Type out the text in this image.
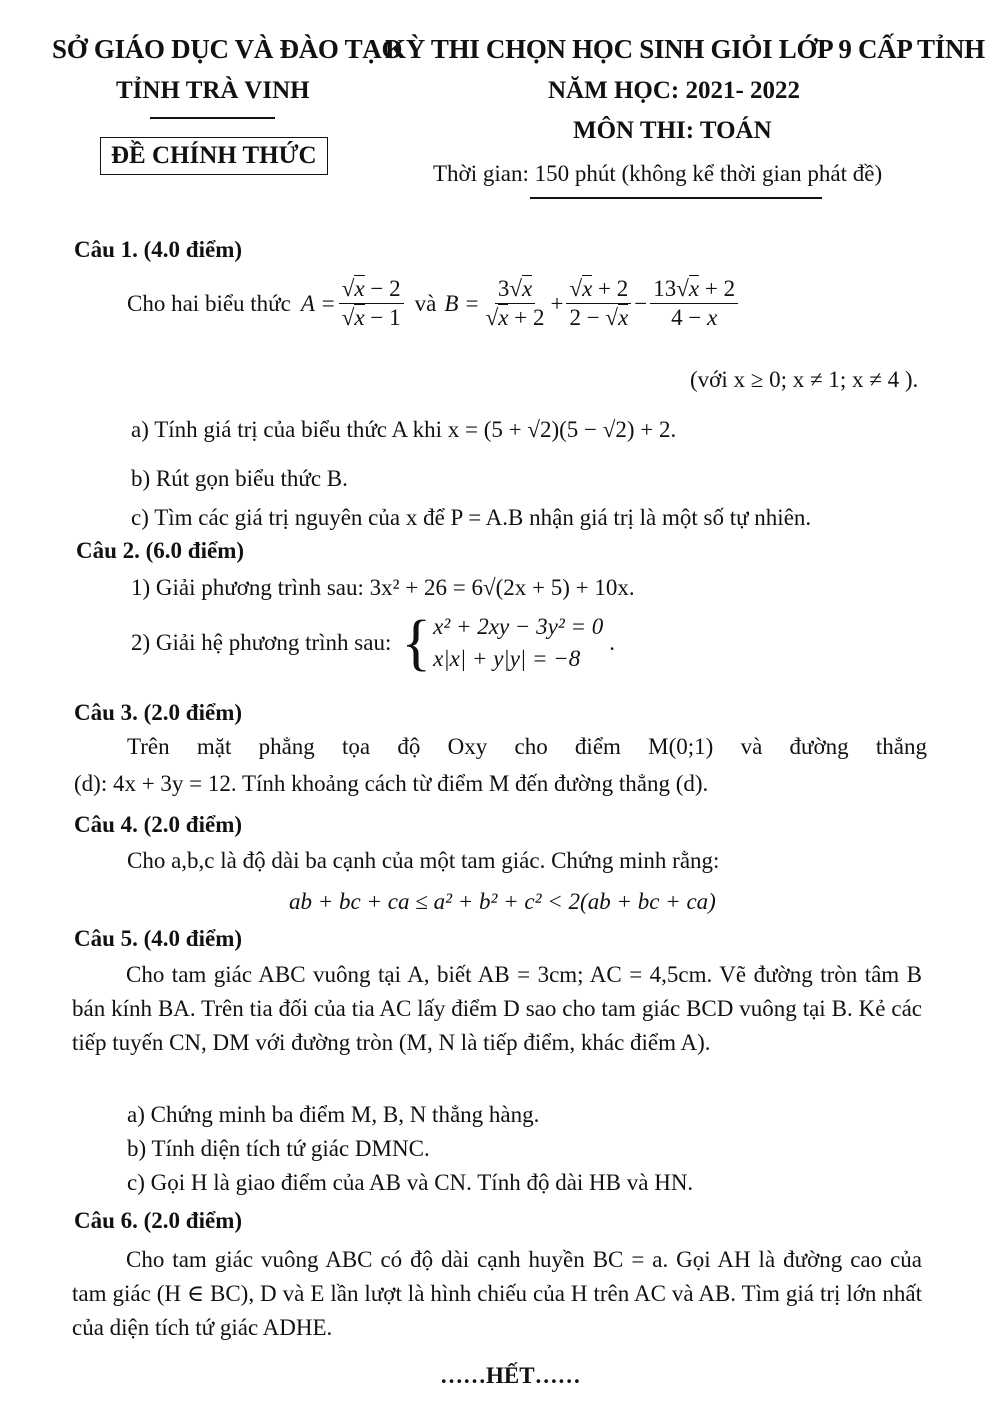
SỞ GIÁO DỤC VÀ ĐÀO TẠO
KỲ THI CHỌN HỌC SINH GIỎI LỚP 9 CẤP TỈNH
TỈNH TRÀ VINH	NĂM HỌC: 2021- 2022
MÔN THI: TOÁN
ĐỀ CHÍNH THỨC
Thời gian: 150 phút (không kể thời gian phát đề)
Câu 1. (4.0 điểm)
Cho hai biểu thức $A = \frac{√x - 2}{√x - 1}$ và $B = \frac{3√x}{√x + 2} + \frac{√x + 2}{2 - √x} - \frac{13√x + 2}{4 - x}$
(với x ≥ 0; x ≠ 1; x ≠ 4 ).
a) Tính giá trị của biểu thức A khi x = (5 + √2)(5 − √2) + 2.
b) Rút gọn biểu thức B.
c) Tìm các giá trị nguyên của x để P = A.B nhận giá trị là một số tự nhiên.
Câu 2. (6.0 điểm)
1) Giải phương trình sau: 3x² + 26 = 6√(2x + 5) + 10x.
2) Giải hệ phương trình sau: { x² + 2xy − 3y² = 0
x|x| + y|y| = −8
.
Câu 3. (2.0 điểm)
Trên mặt phẳng tọa độ Oxy cho điểm M(0;1) và đường thẳng
(d): 4x + 3y = 12. Tính khoảng cách từ điểm M đến đường thẳng (d).
Câu 4. (2.0 điểm)
Cho a,b,c là độ dài ba cạnh của một tam giác. Chứng minh rằng:
ab + bc + ca ≤ a² + b² + c² < 2(ab + bc + ca)
Câu 5. (4.0 điểm)
Cho tam giác ABC vuông tại A, biết AB = 3cm; AC = 4,5cm. Vẽ đường tròn tâm B bán kính BA. Trên tia đối của tia AC lấy điểm D sao cho tam giác BCD vuông tại B. Kẻ các tiếp tuyến CN, DM với đường tròn (M, N là tiếp điểm, khác điểm A).
a) Chứng minh ba điểm M, B, N thẳng hàng.
b) Tính diện tích tứ giác DMNC.
c) Gọi H là giao điểm của AB và CN. Tính độ dài HB và HN.
Câu 6. (2.0 điểm)
Cho tam giác vuông ABC có độ dài cạnh huyền BC = a. Gọi AH là đường cao của tam giác (H ∈ BC), D và E lần lượt là hình chiếu của H trên AC và AB. Tìm giá trị lớn nhất của diện tích tứ giác ADHE.
……HẾT……
